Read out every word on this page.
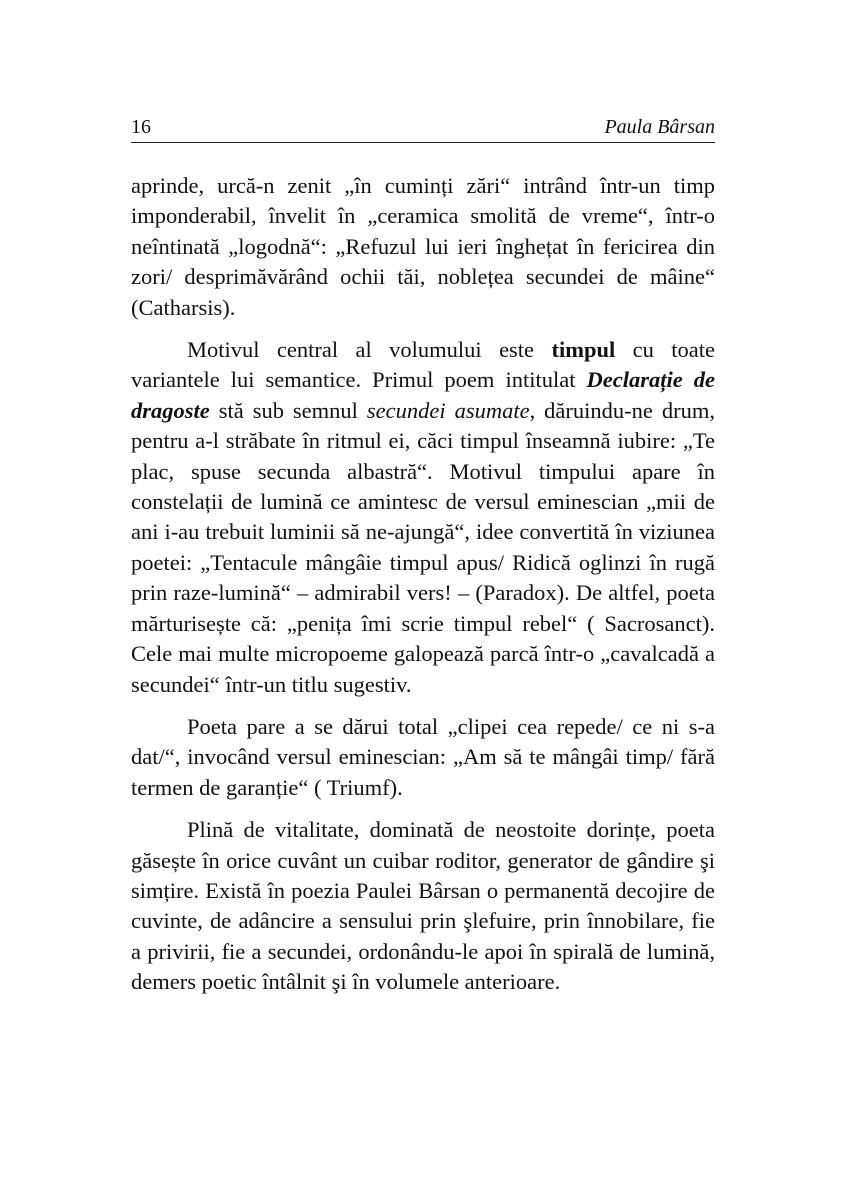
16	Paula Bârsan

aprinde, urcă-n zenit „în cuminți zări“ intrând într-un timp imponderabil, învelit în „ceramica smolită de vreme“, într-o neîntinată „logodnă“: „Refuzul lui ieri înghețat în fericirea din zori/ desprimăvărând ochii tăi, noblețea secundei de mâine“ (Catharsis).

Motivul central al volumului este timpul cu toate variantele lui semantice. Primul poem intitulat Declarație de dragoste stă sub semnul secundei asumate, dăruindu-ne drum, pentru a-l străbate în ritmul ei, căci timpul înseamnă iubire: „Te plac, spuse secunda albastră“. Motivul timpului apare în constelații de lumină ce amintesc de versul eminescian „mii de ani i-au trebuit luminii să ne-ajungă“, idee convertită în viziunea poetei: „Tentacule mângâie timpul apus/ Ridică oglinzi în rugă prin raze-lumină“ – admirabil vers! – (Paradox). De altfel, poeta mărturisește că: „penița îmi scrie timpul rebel“ ( Sacrosanct). Cele mai multe micropoeme galopează parcă într-o „cavalcadă a secundei“ într-un titlu sugestiv.

Poeta pare a se dărui total „clipei cea repede/ ce ni s-a dat/“, invocând versul eminescian: „Am să te mângâi timp/ fără termen de garanție“ ( Triumf).

Plină de vitalitate, dominată de neostoite dorințe, poeta găsește în orice cuvânt un cuibar roditor, generator de gândire şi simțire. Există în poezia Paulei Bârsan o permanentă decojire de cuvinte, de adâncire a sensului prin şlefuire, prin înnobilare, fie a privirii, fie a secundei, ordonându-le apoi în spirală de lumină, demers poetic întâlnit şi în volumele anterioare.
